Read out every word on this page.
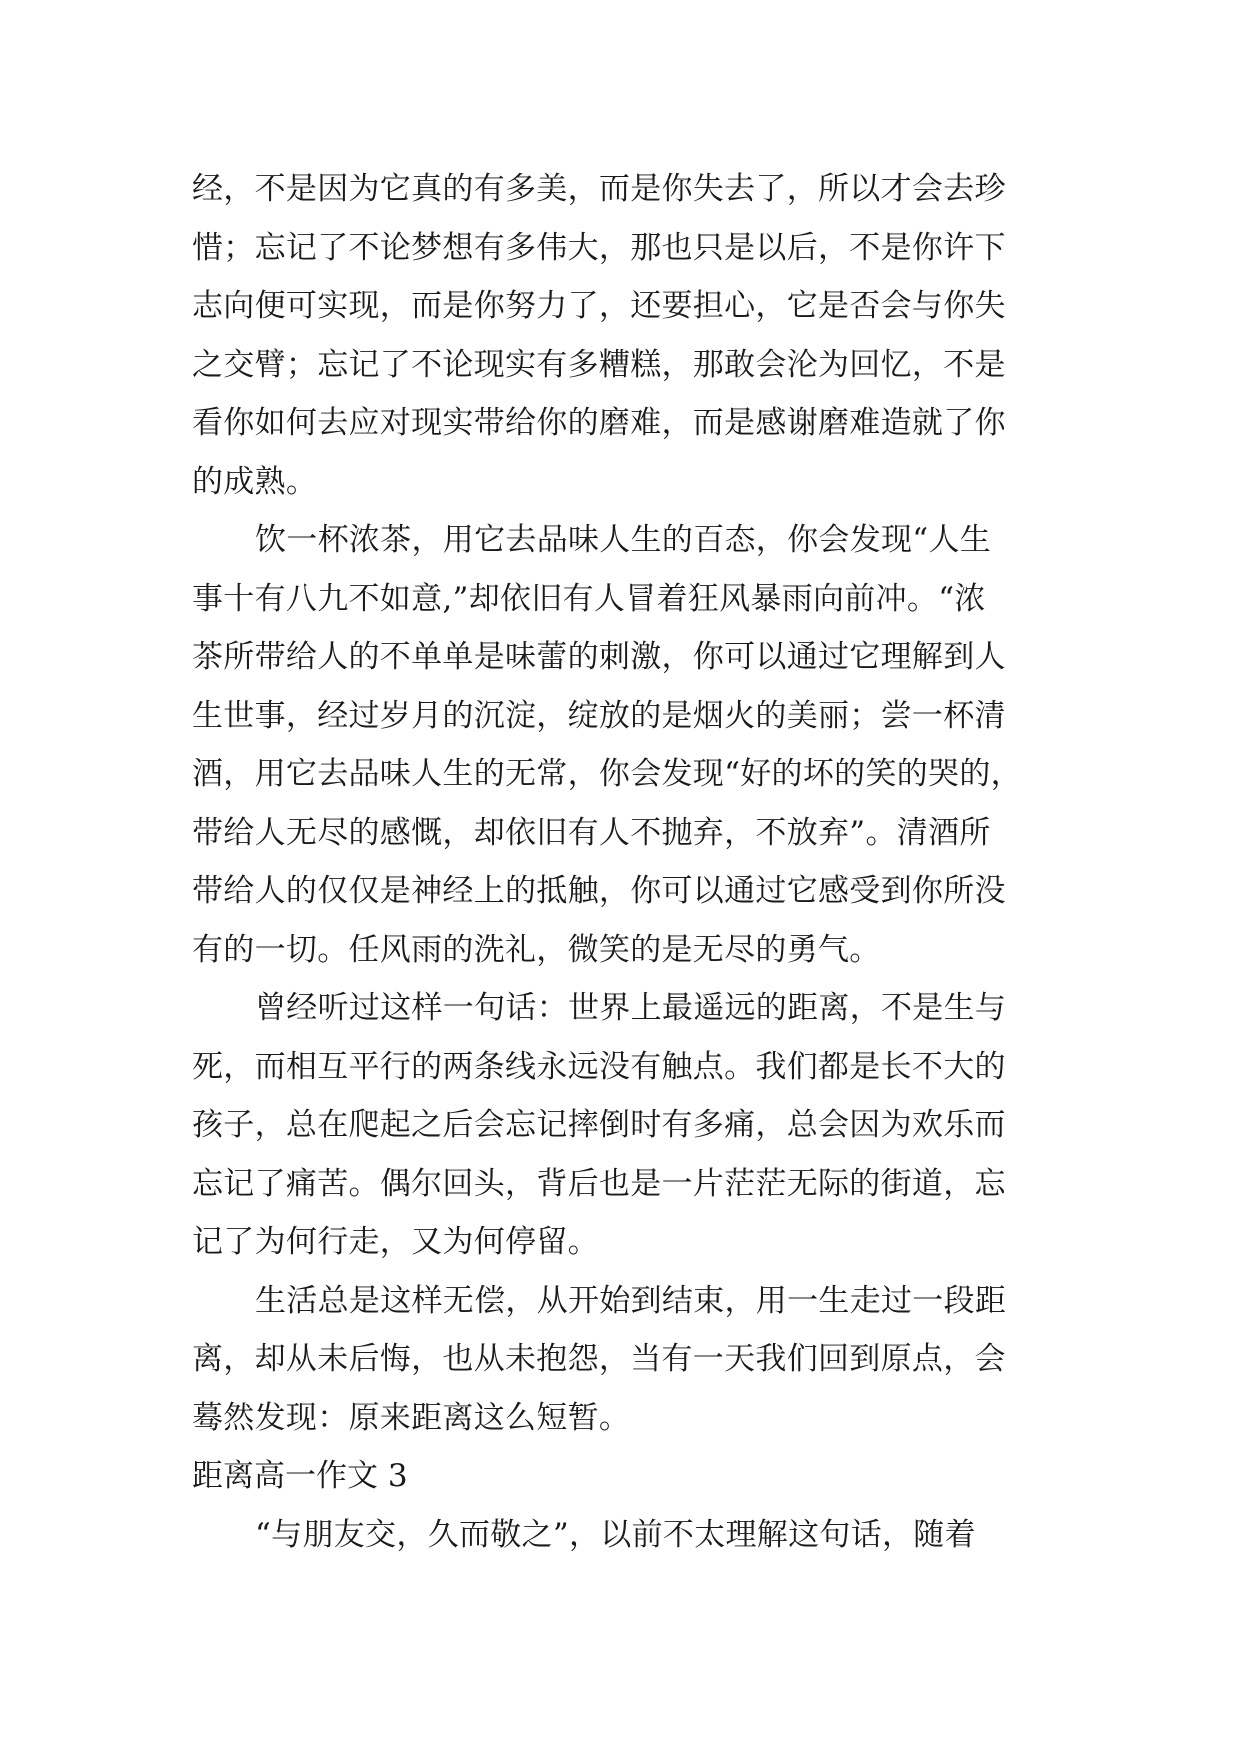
经，不是因为它真的有多美，而是你失去了，所以才会去珍
惜；忘记了不论梦想有多伟大，那也只是以后，不是你许下
志向便可实现，而是你努力了，还要担心，它是否会与你失
之交臂；忘记了不论现实有多糟糕，那敢会沦为回忆，不是
看你如何去应对现实带给你的磨难，而是感谢磨难造就了你
的成熟。
饮一杯浓茶，用它去品味人生的百态，你会发现“人生
事十有八九不如意,”却依旧有人冒着狂风暴雨向前冲。“浓
茶所带给人的不单单是味蕾的刺激，你可以通过它理解到人
生世事，经过岁月的沉淀，绽放的是烟火的美丽；尝一杯清
酒，用它去品味人生的无常，你会发现“好的坏的笑的哭的，
带给人无尽的感慨，却依旧有人不抛弃，不放弃”。清酒所
带给人的仅仅是神经上的抵触，你可以通过它感受到你所没
有的一切。任风雨的洗礼，微笑的是无尽的勇气。
曾经听过这样一句话：世界上最遥远的距离，不是生与
死，而相互平行的两条线永远没有触点。我们都是长不大的
孩子，总在爬起之后会忘记摔倒时有多痛，总会因为欢乐而
忘记了痛苦。偶尔回头，背后也是一片茫茫无际的街道，忘
记了为何行走，又为何停留。
生活总是这样无偿，从开始到结束，用一生走过一段距
离，却从未后悔，也从未抱怨，当有一天我们回到原点，会
蓦然发现：原来距离这么短暂。
距离高一作文 3
“与朋友交，久而敬之”，以前不太理解这句话，随着
